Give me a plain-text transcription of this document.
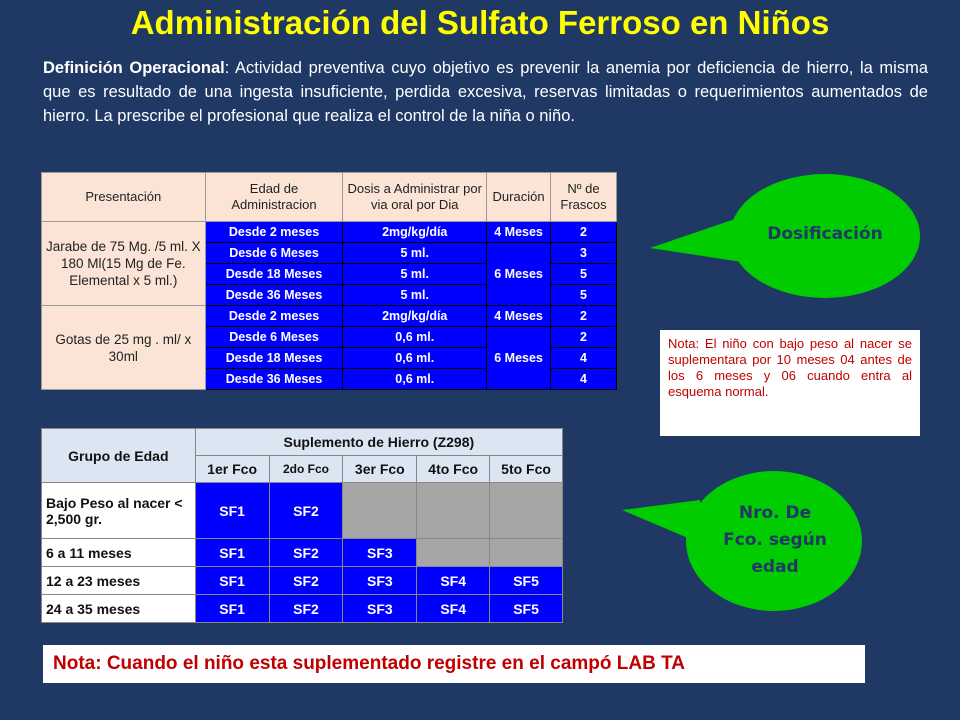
Administración del Sulfato Ferroso en Niños
Definición Operacional: Actividad preventiva cuyo objetivo es prevenir la anemia por deficiencia de hierro, la misma que es resultado de una ingesta insuficiente, perdida excesiva, reservas limitadas o requerimientos aumentados de hierro. La prescribe el profesional que realiza el control de la niña o niño.
Presentación	Edad de Administracion	Dosis a Administrar por via oral por Dia	Duración	Nº de Frascos
Jarabe de 75 Mg. /5 ml. X 180 Ml(15 Mg de Fe. Elemental x 5 ml.)	Desde 2 meses	2mg/kg/día	4 Meses	2
	Desde 6 Meses	5 ml.	6 Meses	3
	Desde 18 Meses	5 ml.		5
	Desde 36 Meses	5 ml.		5
Gotas de 25 mg . ml/ x 30ml	Desde 2 meses	2mg/kg/día	4 Meses	2
	Desde 6 Meses	0,6 ml.	6 Meses	2
	Desde 18 Meses	0,6 ml.		4
	Desde 36 Meses	0,6 ml.		4
Grupo de Edad	Suplemento de Hierro (Z298)				
	1er Fco	2do Fco	3er Fco	4to Fco	5to Fco
Bajo Peso al nacer < 2,500 gr.	SF1	SF2			
6 a 11 meses	SF1	SF2	SF3		
12 a 23 meses	SF1	SF2	SF3	SF4	SF5
24 a 35 meses	SF1	SF2	SF3	SF4	SF5
Dosificación
Nro. De
Fco. según
edad
Nota: El niño con bajo peso al nacer se suplementara por 10 meses 04 antes de los 6 meses y 06 cuando entra al esquema normal.
Nota: Cuando el niño esta suplementado registre en el campó LAB TA
